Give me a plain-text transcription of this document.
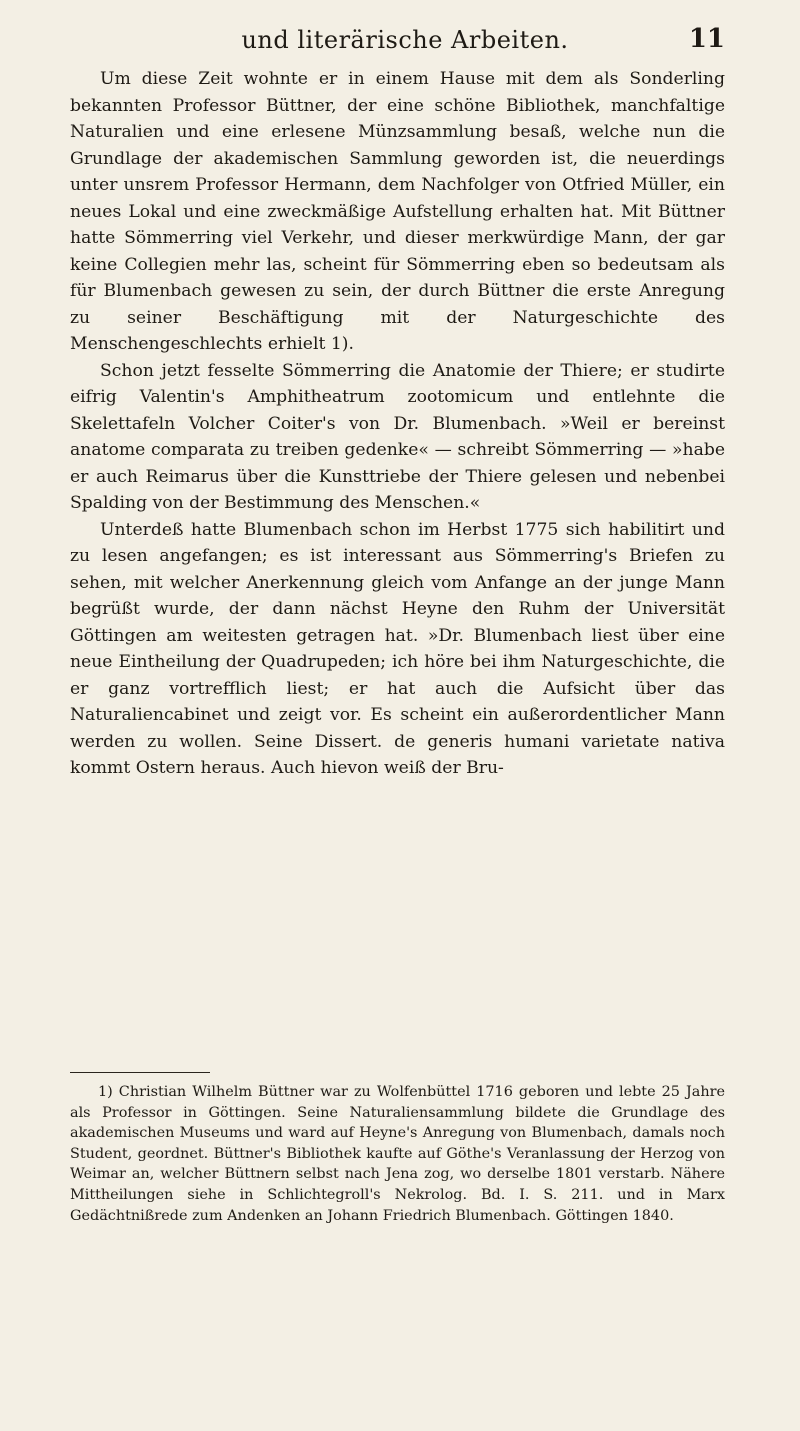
und literärische Arbeiten.	11

Um diese Zeit wohnte er in einem Hause mit dem als Sonderling bekannten Professor Büttner, der eine schöne Bibliothek, manchfaltige Naturalien und eine erlesene Münzsammlung besaß, welche nun die Grundlage der akademischen Sammlung geworden ist, die neuerdings unter unsrem Professor Hermann, dem Nachfolger von Otfried Müller, ein neues Lokal und eine zweckmäßige Aufstellung erhalten hat. Mit Büttner hatte Sömmerring viel Verkehr, und dieser merkwürdige Mann, der gar keine Collegien mehr las, scheint für Sömmerring eben so bedeutsam als für Blumenbach gewesen zu sein, der durch Büttner die erste Anregung zu seiner Beschäftigung mit der Naturgeschichte des Menschengeschlechts erhielt 1).

Schon jetzt fesselte Sömmerring die Anatomie der Thiere; er studirte eifrig Valentin's Amphitheatrum zootomicum und entlehnte die Skelettafeln Volcher Coiter's von Dr. Blumenbach. »Weil er bereinst anatome comparata zu treiben gedenke« — schreibt Sömmerring — »habe er auch Reimarus über die Kunsttriebe der Thiere gelesen und nebenbei Spalding von der Bestimmung des Menschen.«

Unterdeß hatte Blumenbach schon im Herbst 1775 sich habilitirt und zu lesen angefangen; es ist interessant aus Sömmerring's Briefen zu sehen, mit welcher Anerkennung gleich vom Anfange an der junge Mann begrüßt wurde, der dann nächst Heyne den Ruhm der Universität Göttingen am weitesten getragen hat. »Dr. Blumenbach liest über eine neue Eintheilung der Quadrupeden; ich höre bei ihm Naturgeschichte, die er ganz vortrefflich liest; er hat auch die Aufsicht über das Naturaliencabinet und zeigt vor. Es scheint ein außerordentlicher Mann werden zu wollen. Seine Dissert. de generis humani varietate nativa kommt Ostern heraus. Auch hievon weiß der Bru-

1) Christian Wilhelm Büttner war zu Wolfenbüttel 1716 geboren und lebte 25 Jahre als Professor in Göttingen. Seine Naturaliensammlung bildete die Grundlage des akademischen Museums und ward auf Heyne's Anregung von Blumenbach, damals noch Student, geordnet. Büttner's Bibliothek kaufte auf Göthe's Veranlassung der Herzog von Weimar an, welcher Büttnern selbst nach Jena zog, wo derselbe 1801 verstarb. Nähere Mittheilungen siehe in Schlichtegroll's Nekrolog. Bd. I. S. 211. und in Marx Gedächtnißrede zum Andenken an Johann Friedrich Blumenbach. Göttingen 1840.
